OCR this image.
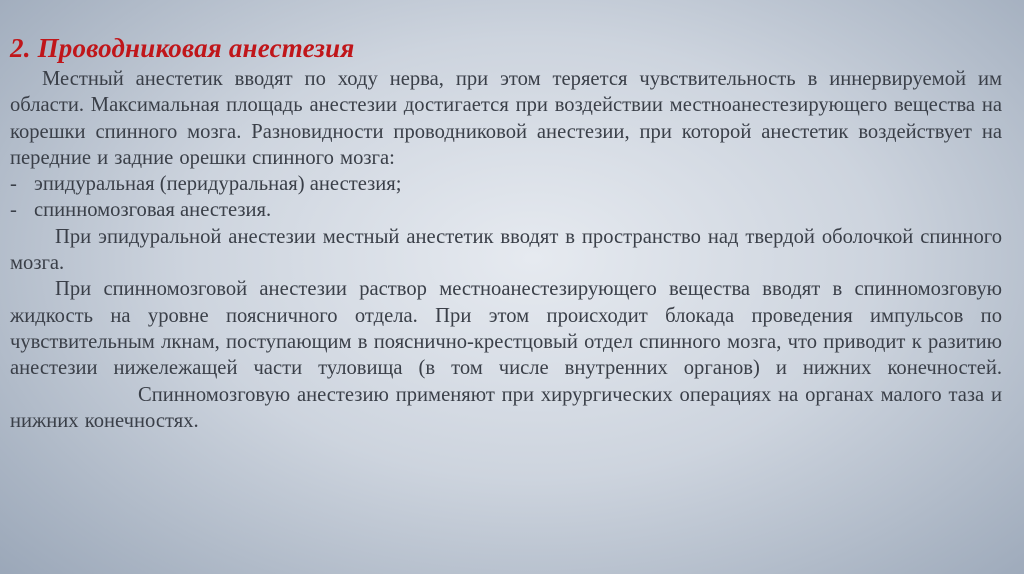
2. Проводниковая анестезия

Местный анестетик вводят по ходу нерва, при этом теряется чувствительность в иннервируемой им области. Максимальная площадь анестезии достигается при воздействии местноанестезирующего вещества на корешки спинного мозга. Разновидности проводниковой анестезии, при которой анестетик воздействует на передние и задние орешки спинного мозга:

- эпидуральная (перидуральная) анестезия;

- спинномозговая анестезия.

При эпидуральной анестезии местный анестетик вводят в пространство над твердой оболочкой спинного мозга.

При спинномозговой анестезии раствор местноанестезирующего вещества вводят в спинномозговую жидкость на уровне поясничного отдела. При этом происходит блокада проведения импульсов по чувствительным лкнам, поступающим в пояснично-крестцовый отдел спинного мозга, что приводит к разитию анестезии нижележащей части туловища (в том числе внутренних органов) и нижних конечностей.Спинномозговую анестезию применяют при хирургических операциях на органах малого таза и нижних конечностях.
